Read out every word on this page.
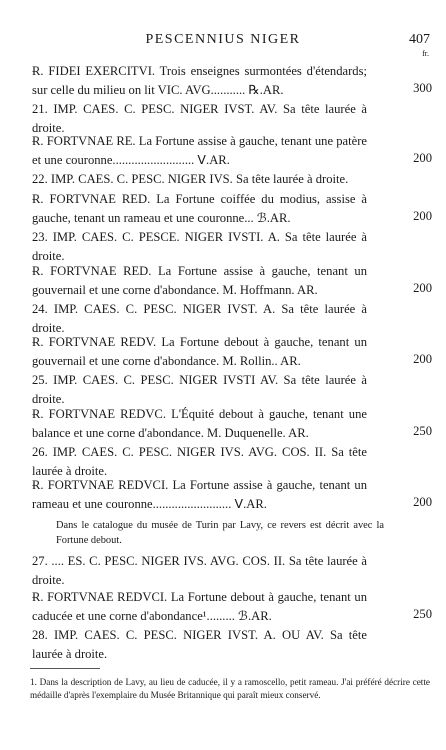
PESCENNIUS NIGER	407
fr.
Ɍ. FIDEI EXERCITVI. Trois enseignes surmontées d'étendards; sur celle du milieu on lit VIC. AVG........... ℞.AR.	300
21. IMP. CAES. C. PESC. NIGER IVST. AV. Sa tête laurée à droite.
Ɍ. FORTVNAE RE. La Fortune assise à gauche, tenant une patère et une couronne.......................... Ⅴ.AR.	200
22. IMP. CAES. C. PESC. NIGER IVS. Sa tête laurée à droite.
Ɍ. FORTVNAE RED. La Fortune coiffée du modius, assise à gauche, tenant un rameau et une couronne... ℬ.AR.	200
23. IMP. CAES. C. PESCE. NIGER IVSTI. A. Sa tête laurée à droite.
Ɍ. FORTVNAE RED. La Fortune assise à gauche, tenant un gouvernail et une corne d'abondance. M. Hoffmann. AR.	200
24. IMP. CAES. C. PESC. NIGER IVST. A. Sa tête laurée à droite.
Ɍ. FORTVNAE REDV. La Fortune debout à gauche, tenant un gouvernail et une corne d'abondance. M. Rollin.. AR.	200
25. IMP. CAES. C. PESC. NIGER IVSTI AV. Sa tête laurée à droite.
Ɍ. FORTVNAE REDVC. L'Équité debout à gauche, tenant une balance et une corne d'abondance. M. Duquenelle. AR.	250
26. IMP. CAES. C. PESC. NIGER IVS. AVG. COS. II. Sa tête laurée à droite.
Ɍ. FORTVNAE REDVCI. La Fortune assise à gauche, tenant un rameau et une couronne......................... Ⅴ.AR.	200
Dans le catalogue du musée de Turin par Lavy, ce revers est décrit avec la Fortune debout.
27. .... ES. C. PESC. NIGER IVS. AVG. COS. II. Sa tête laurée à droite.
Ɍ. FORTVNAE REDVCI. La Fortune debout à gauche, tenant un caducée et une corne d'abondance¹......... ℬ.AR.	250
28. IMP. CAES. C. PESC. NIGER IVST. A. OU AV. Sa tête laurée à droite.
1. Dans la description de Lavy, au lieu de caducée, il y a ramoscello, petit rameau. J'ai préféré décrire cette médaille d'après l'exemplaire du Musée Britannique qui paraît mieux conservé.
